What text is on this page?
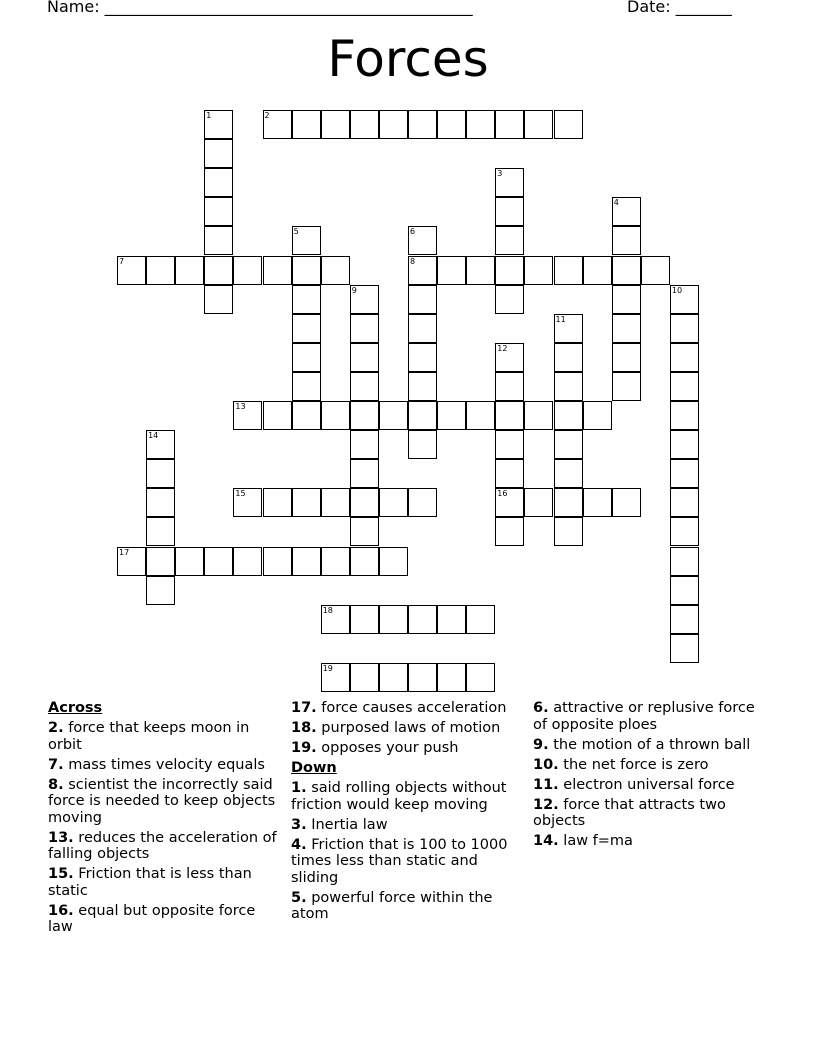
Name: ______________________________________________	Date: _______
Forces
1	2
3
4
5	6
8
7
9	10
11
12
16
13
14
15
17
18
19
Across
2. force that keeps moon in orbit
7. mass times velocity equals
8. scientist the incorrectly said force is needed to keep objects moving
13. reduces the acceleration of falling objects
15. Friction that is less than static
16. equal but opposite force law
17. force causes acceleration
18. purposed laws of motion
19. opposes your push
Down
1. said rolling objects without friction would keep moving
3. Inertia law
4. Friction that is 100 to 1000 times less than static and sliding
5. powerful force within the atom
6. attractive or replusive force of opposite ploes
9. the motion of a thrown ball
10. the net force is zero
11. electron universal force
12. force that attracts two objects
14. law f=ma
